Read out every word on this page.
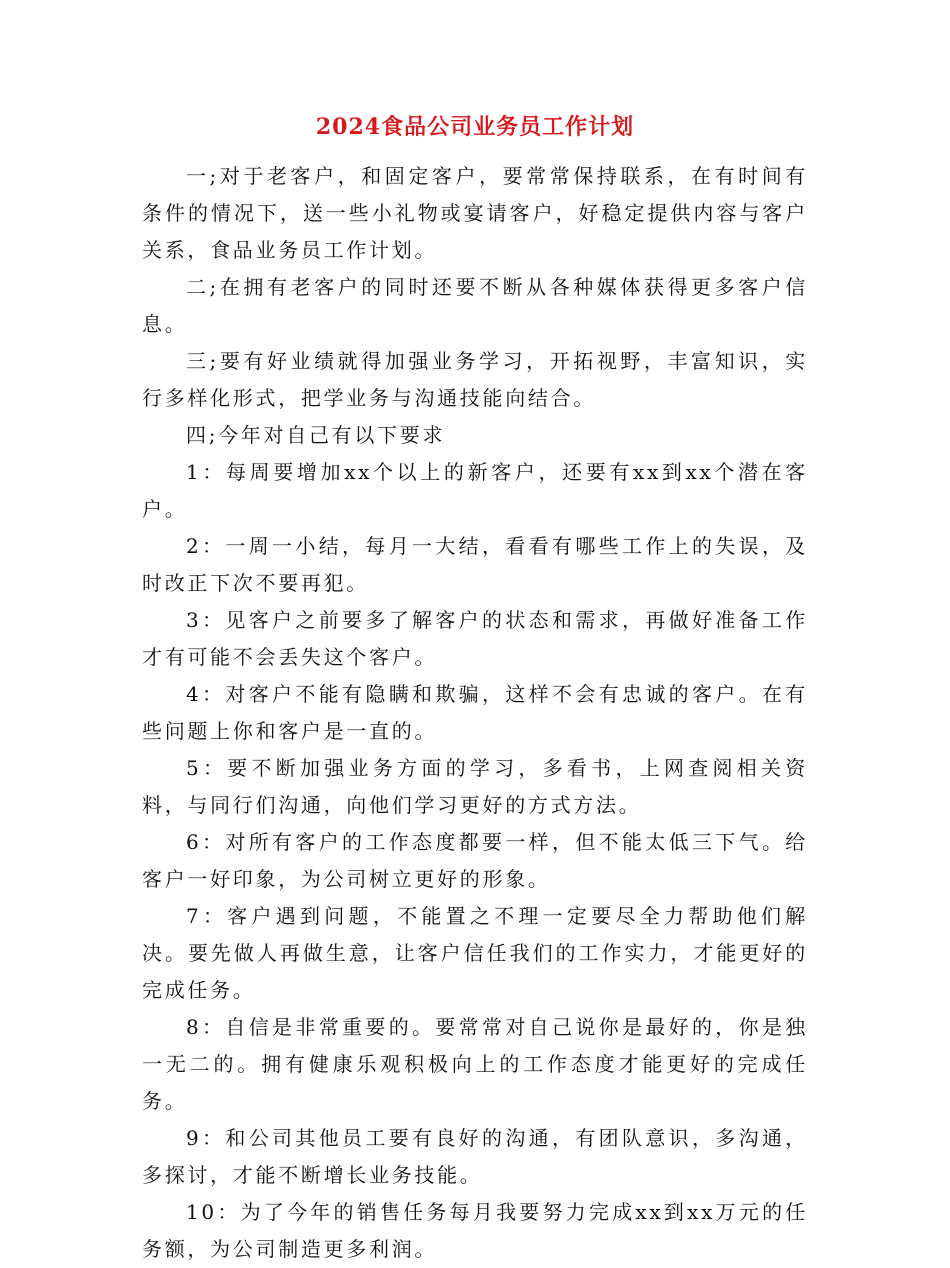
2024食品公司业务员工作计划

一;对于老客户，和固定客户，要常常保持联系，在有时间有条件的情况下，送一些小礼物或宴请客户，好稳定提供内容与客户关系，食品业务员工作计划。

二;在拥有老客户的同时还要不断从各种媒体获得更多客户信息。

三;要有好业绩就得加强业务学习，开拓视野，丰富知识，实行多样化形式，把学业务与沟通技能向结合。

四;今年对自己有以下要求

1：每周要增加xx个以上的新客户，还要有xx到xx个潜在客户。

2：一周一小结，每月一大结，看看有哪些工作上的失误，及时改正下次不要再犯。

3：见客户之前要多了解客户的状态和需求，再做好准备工作才有可能不会丢失这个客户。

4：对客户不能有隐瞒和欺骗，这样不会有忠诚的客户。在有些问题上你和客户是一直的。

5：要不断加强业务方面的学习，多看书，上网查阅相关资料，与同行们沟通，向他们学习更好的方式方法。

6：对所有客户的工作态度都要一样，但不能太低三下气。给客户一好印象，为公司树立更好的形象。

7：客户遇到问题，不能置之不理一定要尽全力帮助他们解决。要先做人再做生意，让客户信任我们的工作实力，才能更好的完成任务。

8：自信是非常重要的。要常常对自己说你是最好的，你是独一无二的。拥有健康乐观积极向上的工作态度才能更好的完成任务。

9：和公司其他员工要有良好的沟通，有团队意识，多沟通，多探讨，才能不断增长业务技能。

10：为了今年的销售任务每月我要努力完成xx到xx万元的任务额，为公司制造更多利润。
